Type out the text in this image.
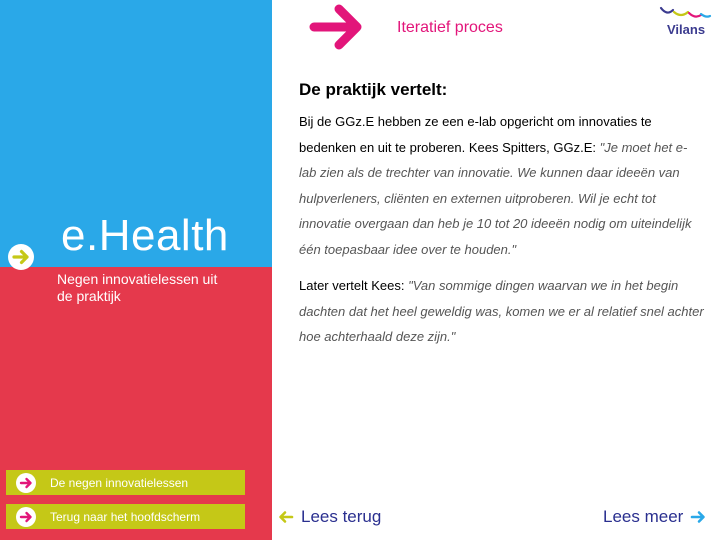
e.Health
Negen innovatielessen uit de praktijk
De negen innovatielessen
Terug naar het hoofdscherm
Iteratief proces	Vilans
De praktijk vertelt:

Bij de GGz.E hebben ze een e-lab opgericht om innovaties te bedenken en uit te proberen. Kees Spitters, GGz.E: "Je moet het e-lab zien als de trechter van innovatie. We kunnen daar ideeën van hulpverleners, cliënten en externen uitproberen. Wil je echt tot innovatie overgaan dan heb je 10 tot 20 ideeën nodig om uiteindelijk één toepasbaar idee over te houden."

Later vertelt Kees: "Van sommige dingen waarvan we in het begin dachten dat het heel geweldig was, komen we er al relatief snel achter hoe achterhaald deze zijn."

Lees terug	Lees meer
